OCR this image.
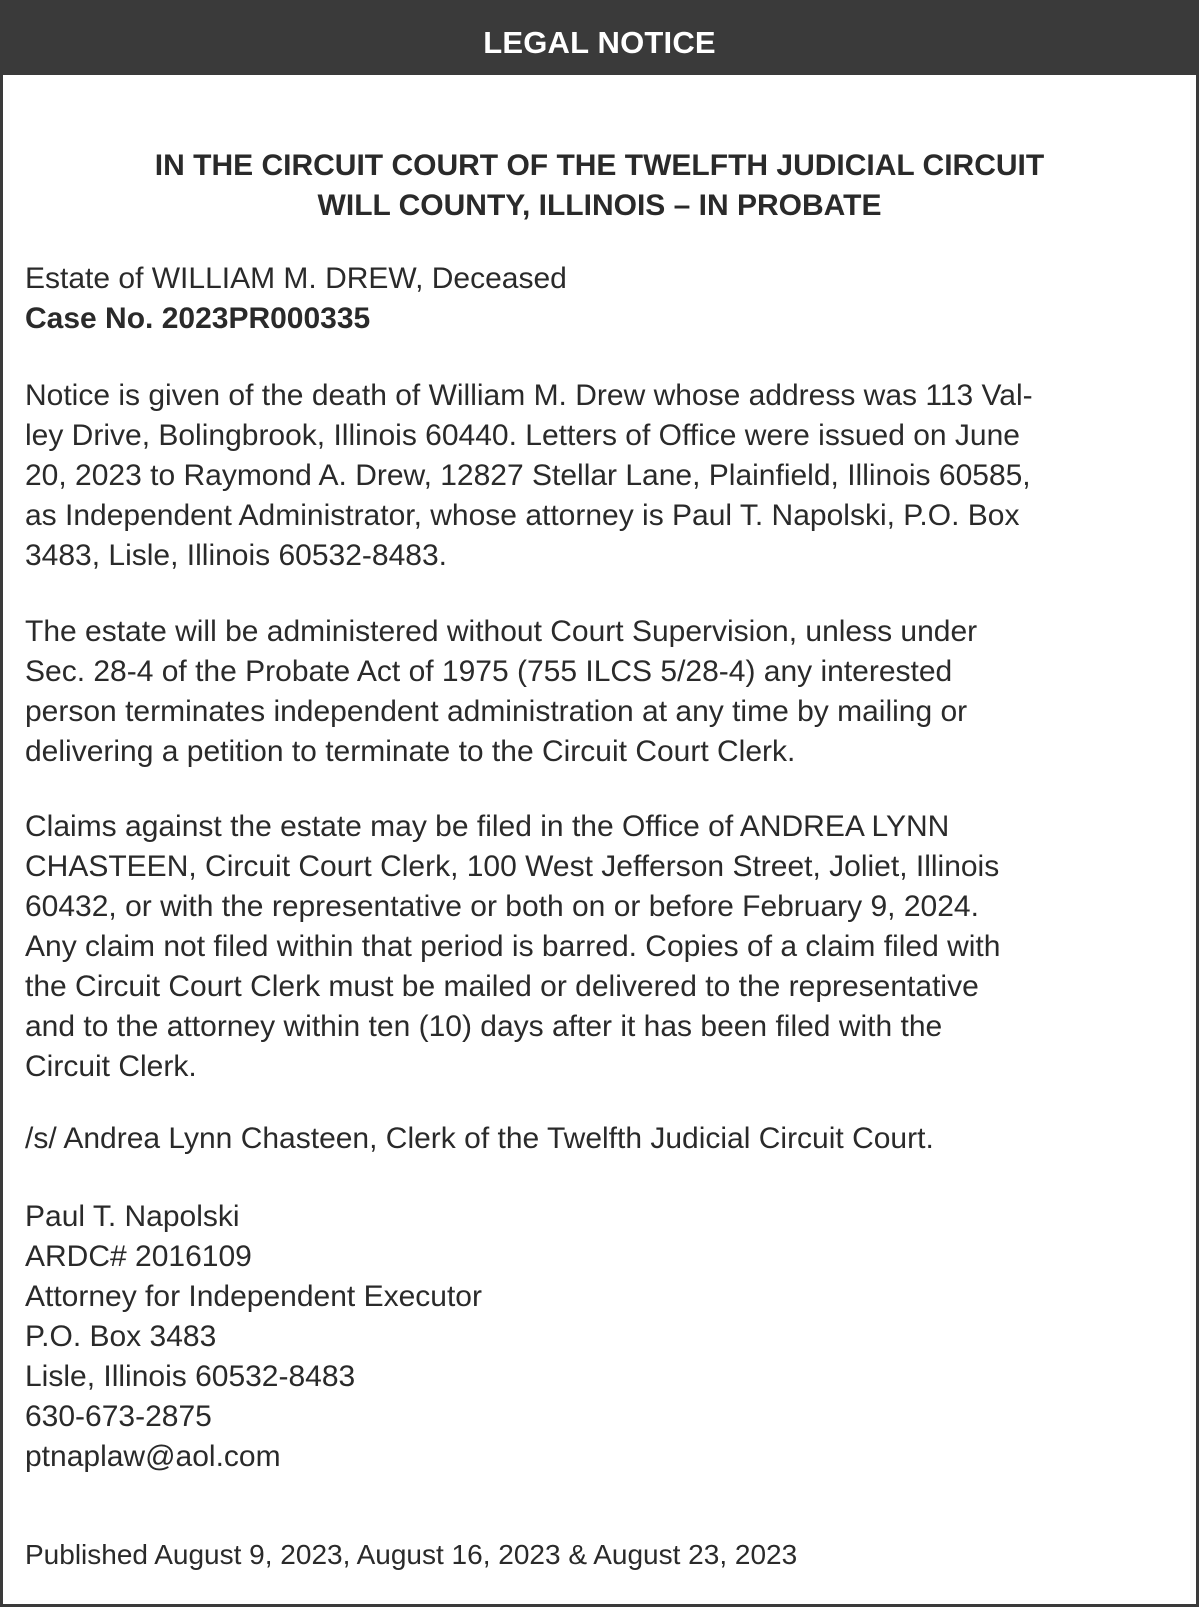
LEGAL NOTICE
IN THE CIRCUIT COURT OF THE TWELFTH JUDICIAL CIRCUIT
WILL COUNTY, ILLINOIS – IN PROBATE
Estate of WILLIAM M. DREW, Deceased
Case No. 2023PR000335
Notice is given of the death of William M. Drew whose address was 113 Val-
ley Drive, Bolingbrook, Illinois 60440. Letters of Office were issued on June
20, 2023 to Raymond A. Drew, 12827 Stellar Lane, Plainfield, Illinois 60585,
as Independent Administrator, whose attorney is Paul T. Napolski, P.O. Box
3483, Lisle, Illinois 60532-8483.
The estate will be administered without Court Supervision, unless under
Sec. 28-4 of the Probate Act of 1975 (755 ILCS 5/28-4) any interested
person terminates independent administration at any time by mailing or
delivering a petition to terminate to the Circuit Court Clerk.
Claims against the estate may be filed in the Office of ANDREA LYNN
CHASTEEN, Circuit Court Clerk, 100 West Jefferson Street, Joliet, Illinois
60432, or with the representative or both on or before February 9, 2024.
Any claim not filed within that period is barred. Copies of a claim filed with
the Circuit Court Clerk must be mailed or delivered to the representative
and to the attorney within ten (10) days after it has been filed with the
Circuit Clerk.
/s/ Andrea Lynn Chasteen, Clerk of the Twelfth Judicial Circuit Court.
Paul T. Napolski
ARDC# 2016109
Attorney for Independent Executor
P.O. Box 3483
Lisle, Illinois 60532-8483
630-673-2875
ptnaplaw@aol.com
Published August 9, 2023, August 16, 2023 & August 23, 2023
